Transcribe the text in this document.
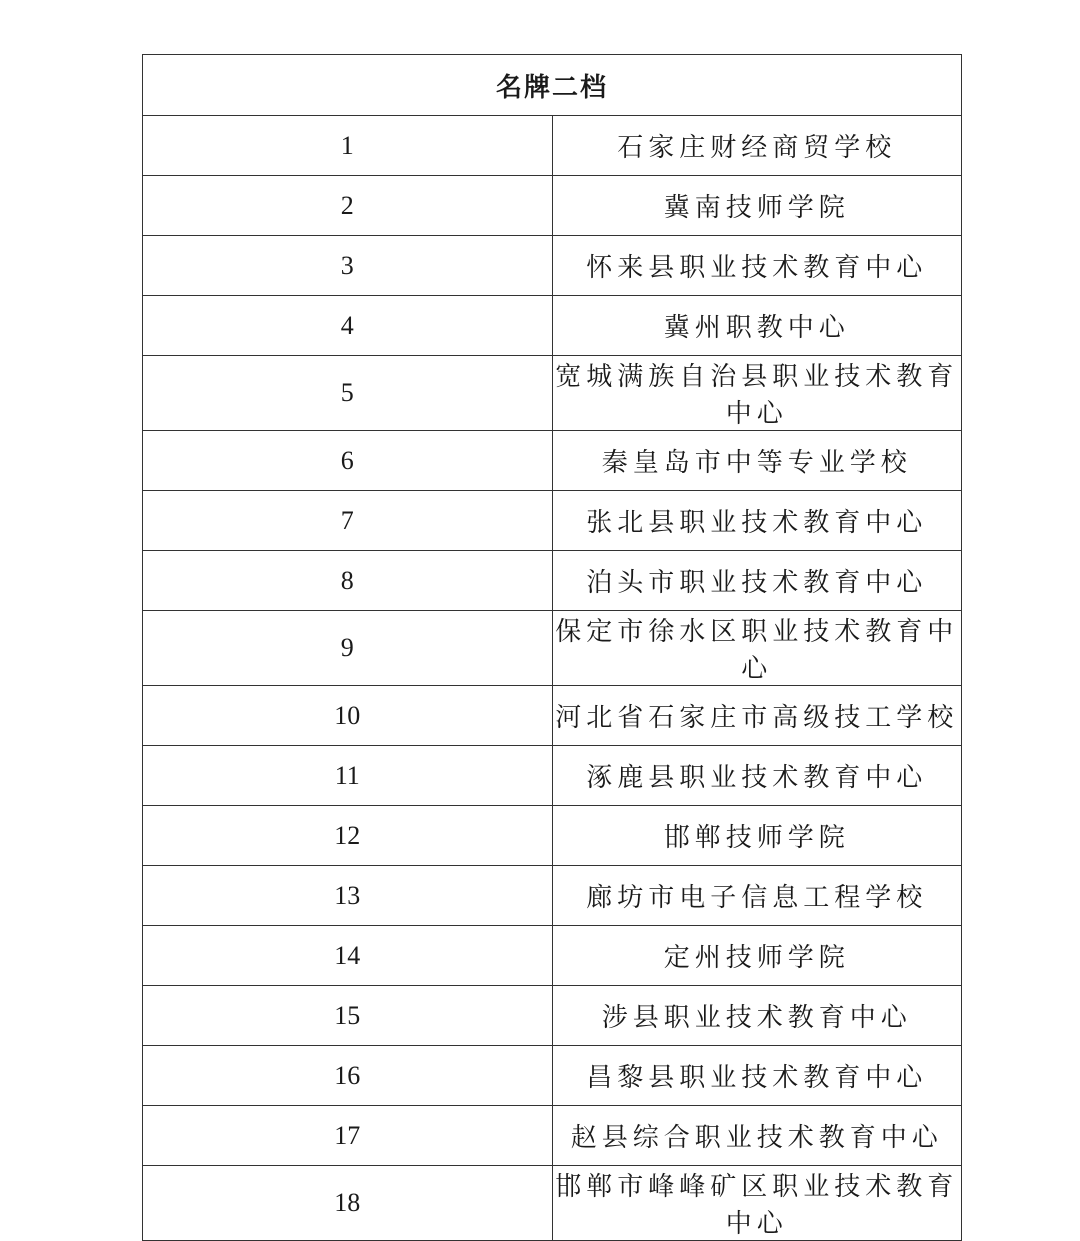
名牌二档	
1	石家庄财经商贸学校
2	冀南技师学院
3	怀来县职业技术教育中心
4	冀州职教中心
5	宽城满族自治县职业技术教育中心
6	秦皇岛市中等专业学校
7	张北县职业技术教育中心
8	泊头市职业技术教育中心
9	保定市徐水区职业技术教育中心
10	河北省石家庄市高级技工学校
11	涿鹿县职业技术教育中心
12	邯郸技师学院
13	廊坊市电子信息工程学校
14	定州技师学院
15	涉县职业技术教育中心
16	昌黎县职业技术教育中心
17	赵县综合职业技术教育中心
18	邯郸市峰峰矿区职业技术教育中心
